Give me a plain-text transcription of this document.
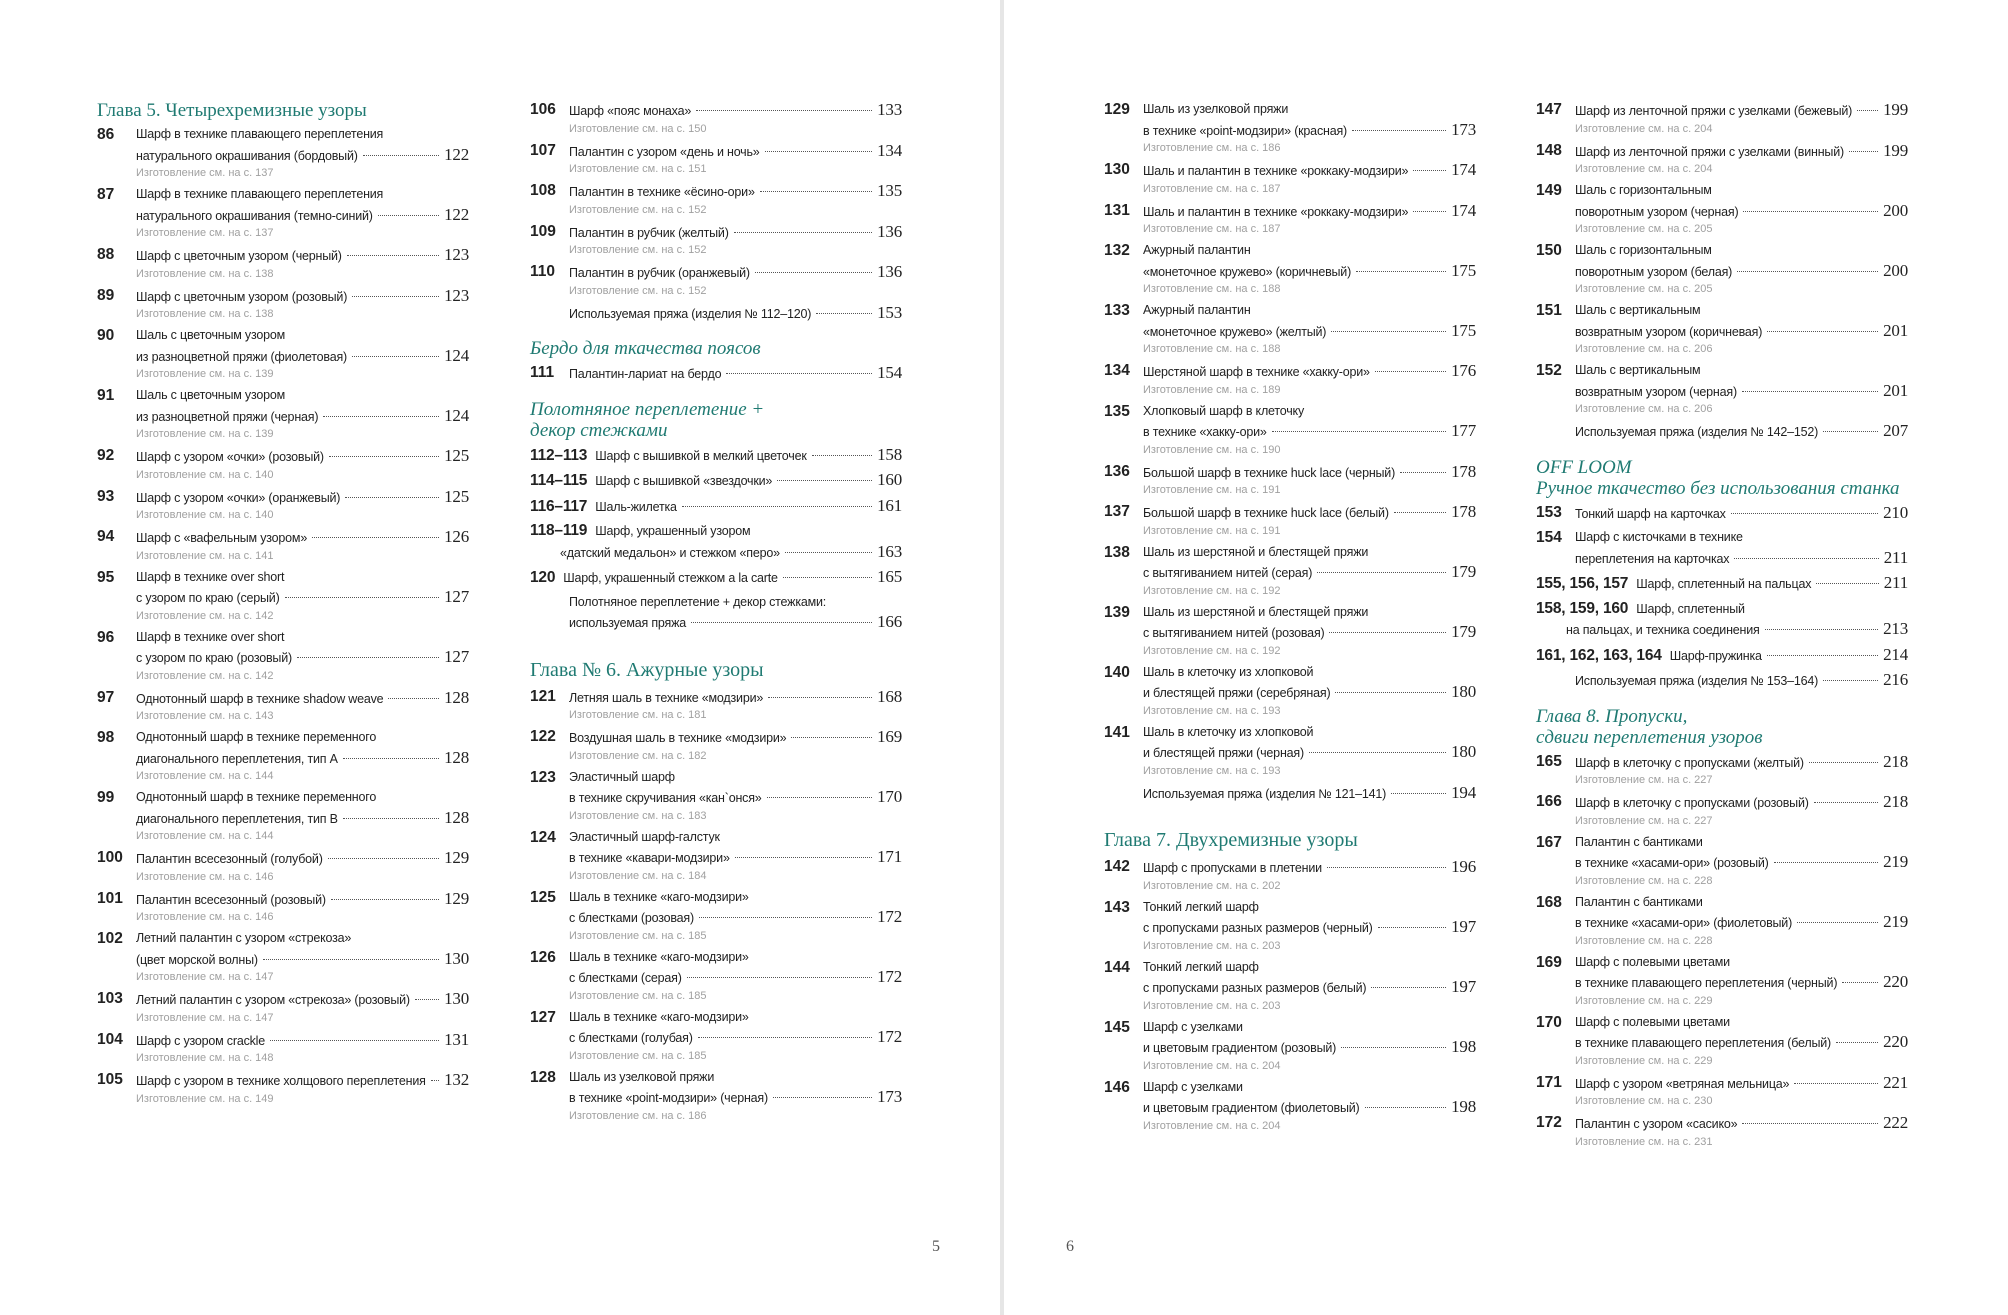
Глава 5. Четырехремизные узоры
86 Шарф в технике плавающего переплетения
натурального окрашивания (бордовый)	122
Изготовление см. на с. 137
87 Шарф в технике плавающего переплетения
натурального окрашивания (темно-синий)	122
Изготовление см. на с. 137
88 Шарф с цветочным узором (черный)	123
Изготовление см. на с. 138
89 Шарф с цветочным узором (розовый)	123
Изготовление см. на с. 138
90 Шаль с цветочным узором
из разноцветной пряжи (фиолетовая)	124
Изготовление см. на с. 139
91 Шаль с цветочным узором
из разноцветной пряжи (черная)	124
Изготовление см. на с. 139
92 Шарф с узором «очки» (розовый)	125
Изготовление см. на с. 140
93 Шарф с узором «очки» (оранжевый)	125
Изготовление см. на с. 140
94 Шарф с «вафельным узором»	126
Изготовление см. на с. 141
95 Шарф в технике over short
с узором по краю (серый)	127
Изготовление см. на с. 142
96 Шарф в технике over short
с узором по краю (розовый)	127
Изготовление см. на с. 142
97 Однотонный шарф в технике shadow weave	128
Изготовление см. на с. 143
98 Однотонный шарф в технике переменного
диагонального переплетения, тип А	128
Изготовление см. на с. 144
99 Однотонный шарф в технике переменного
диагонального переплетения, тип В	128
Изготовление см. на с. 144
100 Палантин всесезонный (голубой)	129
Изготовление см. на с. 146
101 Палантин всесезонный (розовый)	129
Изготовление см. на с. 146
102 Летний палантин с узором «стрекоза»
(цвет морской волны)	130
Изготовление см. на с. 147
103 Летний палантин с узором «стрекоза» (розовый) 130
Изготовление см. на с. 147
104 Шарф с узором crackle	131
Изготовление см. на с. 148
105 Шарф с узором в технике холщового переплетения 132
Изготовление см. на с. 149
106 Шарф «пояс монаха»	133
Изготовление см. на с. 150
107 Палантин с узором «день и ночь»	134
Изготовление см. на с. 151
108 Палантин в технике «ёсино-ори»	135
Изготовление см. на с. 152
109 Палантин в рубчик (желтый)	136
Изготовление см. на с. 152
110 Палантин в рубчик (оранжевый)	136
Изготовление см. на с. 152
Используемая пряжа (изделия № 112–120)	153
Бердо для ткачества поясов
111 Палантин-лариат на бердо	154
Полотняное переплетение +
декор стежками
112–113 Шарф с вышивкой в мелкий цветочек	158
114–115 Шарф с вышивкой «звездочки»	160
116–117 Шаль-жилетка	161
118–119 Шарф, украшенный узором
«датский медальон» и стежком «перо»	163
120 Шарф, украшенный стежком a la carte	165
Полотняное переплетение + декор стежками:
используемая пряжа	166
Глава № 6. Ажурные узоры
121 Летняя шаль в технике «модзири»	168
Изготовление см. на с. 181
122 Воздушная шаль в технике «модзири»	169
Изготовление см. на с. 182
123 Эластичный шарф
в технике скручивания «кан`онся»	170
Изготовление см. на с. 183
124 Эластичный шарф-галстук
в технике «кавари-модзири»	171
Изготовление см. на с. 184
125 Шаль в технике «каго-модзири»
с блестками (розовая)	172
Изготовление см. на с. 185
126 Шаль в технике «каго-модзири»
с блестками (серая)	172
Изготовление см. на с. 185
127 Шаль в технике «каго-модзири»
с блестками (голубая)	172
Изготовление см. на с. 185
128 Шаль из узелковой пряжи
в технике «point-модзири» (черная)	173
Изготовление см. на с. 186
5
129 Шаль из узелковой пряжи
в технике «point-модзири» (красная)	173
Изготовление см. на с. 186
130 Шаль и палантин в технике «роккаку-модзири»	174
Изготовление см. на с. 187
131 Шаль и палантин в технике «роккаку-модзири»	174
Изготовление см. на с. 187
132 Ажурный палантин
«монеточное кружево» (коричневый)	175
Изготовление см. на с. 188
133 Ажурный палантин
«монеточное кружево» (желтый)	175
Изготовление см. на с. 188
134 Шерстяной шарф в технике «хакку-ори»	176
Изготовление см. на с. 189
135 Хлопковый шарф в клеточку
в технике «хакку-ори»	177
Изготовление см. на с. 190
136 Большой шарф в технике huck lace (черный)	178
Изготовление см. на с. 191
137 Большой шарф в технике huck lace (белый)	178
Изготовление см. на с. 191
138 Шаль из шерстяной и блестящей пряжи
с вытягиванием нитей (серая)	179
Изготовление см. на с. 192
139 Шаль из шерстяной и блестящей пряжи
с вытягиванием нитей (розовая)	179
Изготовление см. на с. 192
140 Шаль в клеточку из хлопковой
и блестящей пряжи (серебряная)	180
Изготовление см. на с. 193
141 Шаль в клеточку из хлопковой
и блестящей пряжи (черная)	180
Изготовление см. на с. 193
Используемая пряжа (изделия № 121–141)	194
Глава 7. Двухремизные узоры
142 Шарф с пропусками в плетении	196
Изготовление см. на с. 202
143 Тонкий легкий шарф
с пропусками разных размеров (черный)	197
Изготовление см. на с. 203
144 Тонкий легкий шарф
с пропусками разных размеров (белый)	197
Изготовление см. на с. 203
145 Шарф с узелками
и цветовым градиентом (розовый)	198
Изготовление см. на с. 204
146 Шарф с узелками
и цветовым градиентом (фиолетовый)	198
Изготовление см. на с. 204
147 Шарф из ленточной пряжи с узелками (бежевый) 199
Изготовление см. на с. 204
148 Шарф из ленточной пряжи с узелками (винный) 199
Изготовление см. на с. 204
149 Шаль с горизонтальным
поворотным узором (черная)	200
Изготовление см. на с. 205
150 Шаль с горизонтальным
поворотным узором (белая)	200
Изготовление см. на с. 205
151 Шаль с вертикальным
возвратным узором (коричневая)	201
Изготовление см. на с. 206
152 Шаль с вертикальным
возвратным узором (черная)	201
Изготовление см. на с. 206
Используемая пряжа (изделия № 142–152)	207
OFF LOOM
Ручное ткачество без использования станка
153 Тонкий шарф на карточках	210
154 Шарф с кисточками в технике
переплетения на карточках	211
155, 156, 157 Шарф, сплетенный на пальцах	211
158, 159, 160 Шарф, сплетенный
на пальцах, и техника соединения	213
161, 162, 163, 164 Шарф-пружинка	214
Используемая пряжа (изделия № 153–164)	216
Глава 8. Пропуски,
сдвиги переплетения узоров
165 Шарф в клеточку с пропусками (желтый)	218
Изготовление см. на с. 227
166 Шарф в клеточку с пропусками (розовый)	218
Изготовление см. на с. 227
167 Палантин с бантиками
в технике «хасами-ори» (розовый)	219
Изготовление см. на с. 228
168 Палантин с бантиками
в технике «хасами-ори» (фиолетовый)	219
Изготовление см. на с. 228
169 Шарф с полевыми цветами
в технике плавающего переплетения (черный)	220
Изготовление см. на с. 229
170 Шарф с полевыми цветами
в технике плавающего переплетения (белый)	220
Изготовление см. на с. 229
171 Шарф с узором «ветряная мельница»	221
Изготовление см. на с. 230
172 Палантин с узором «сасико»	222
Изготовление см. на с. 231
6
